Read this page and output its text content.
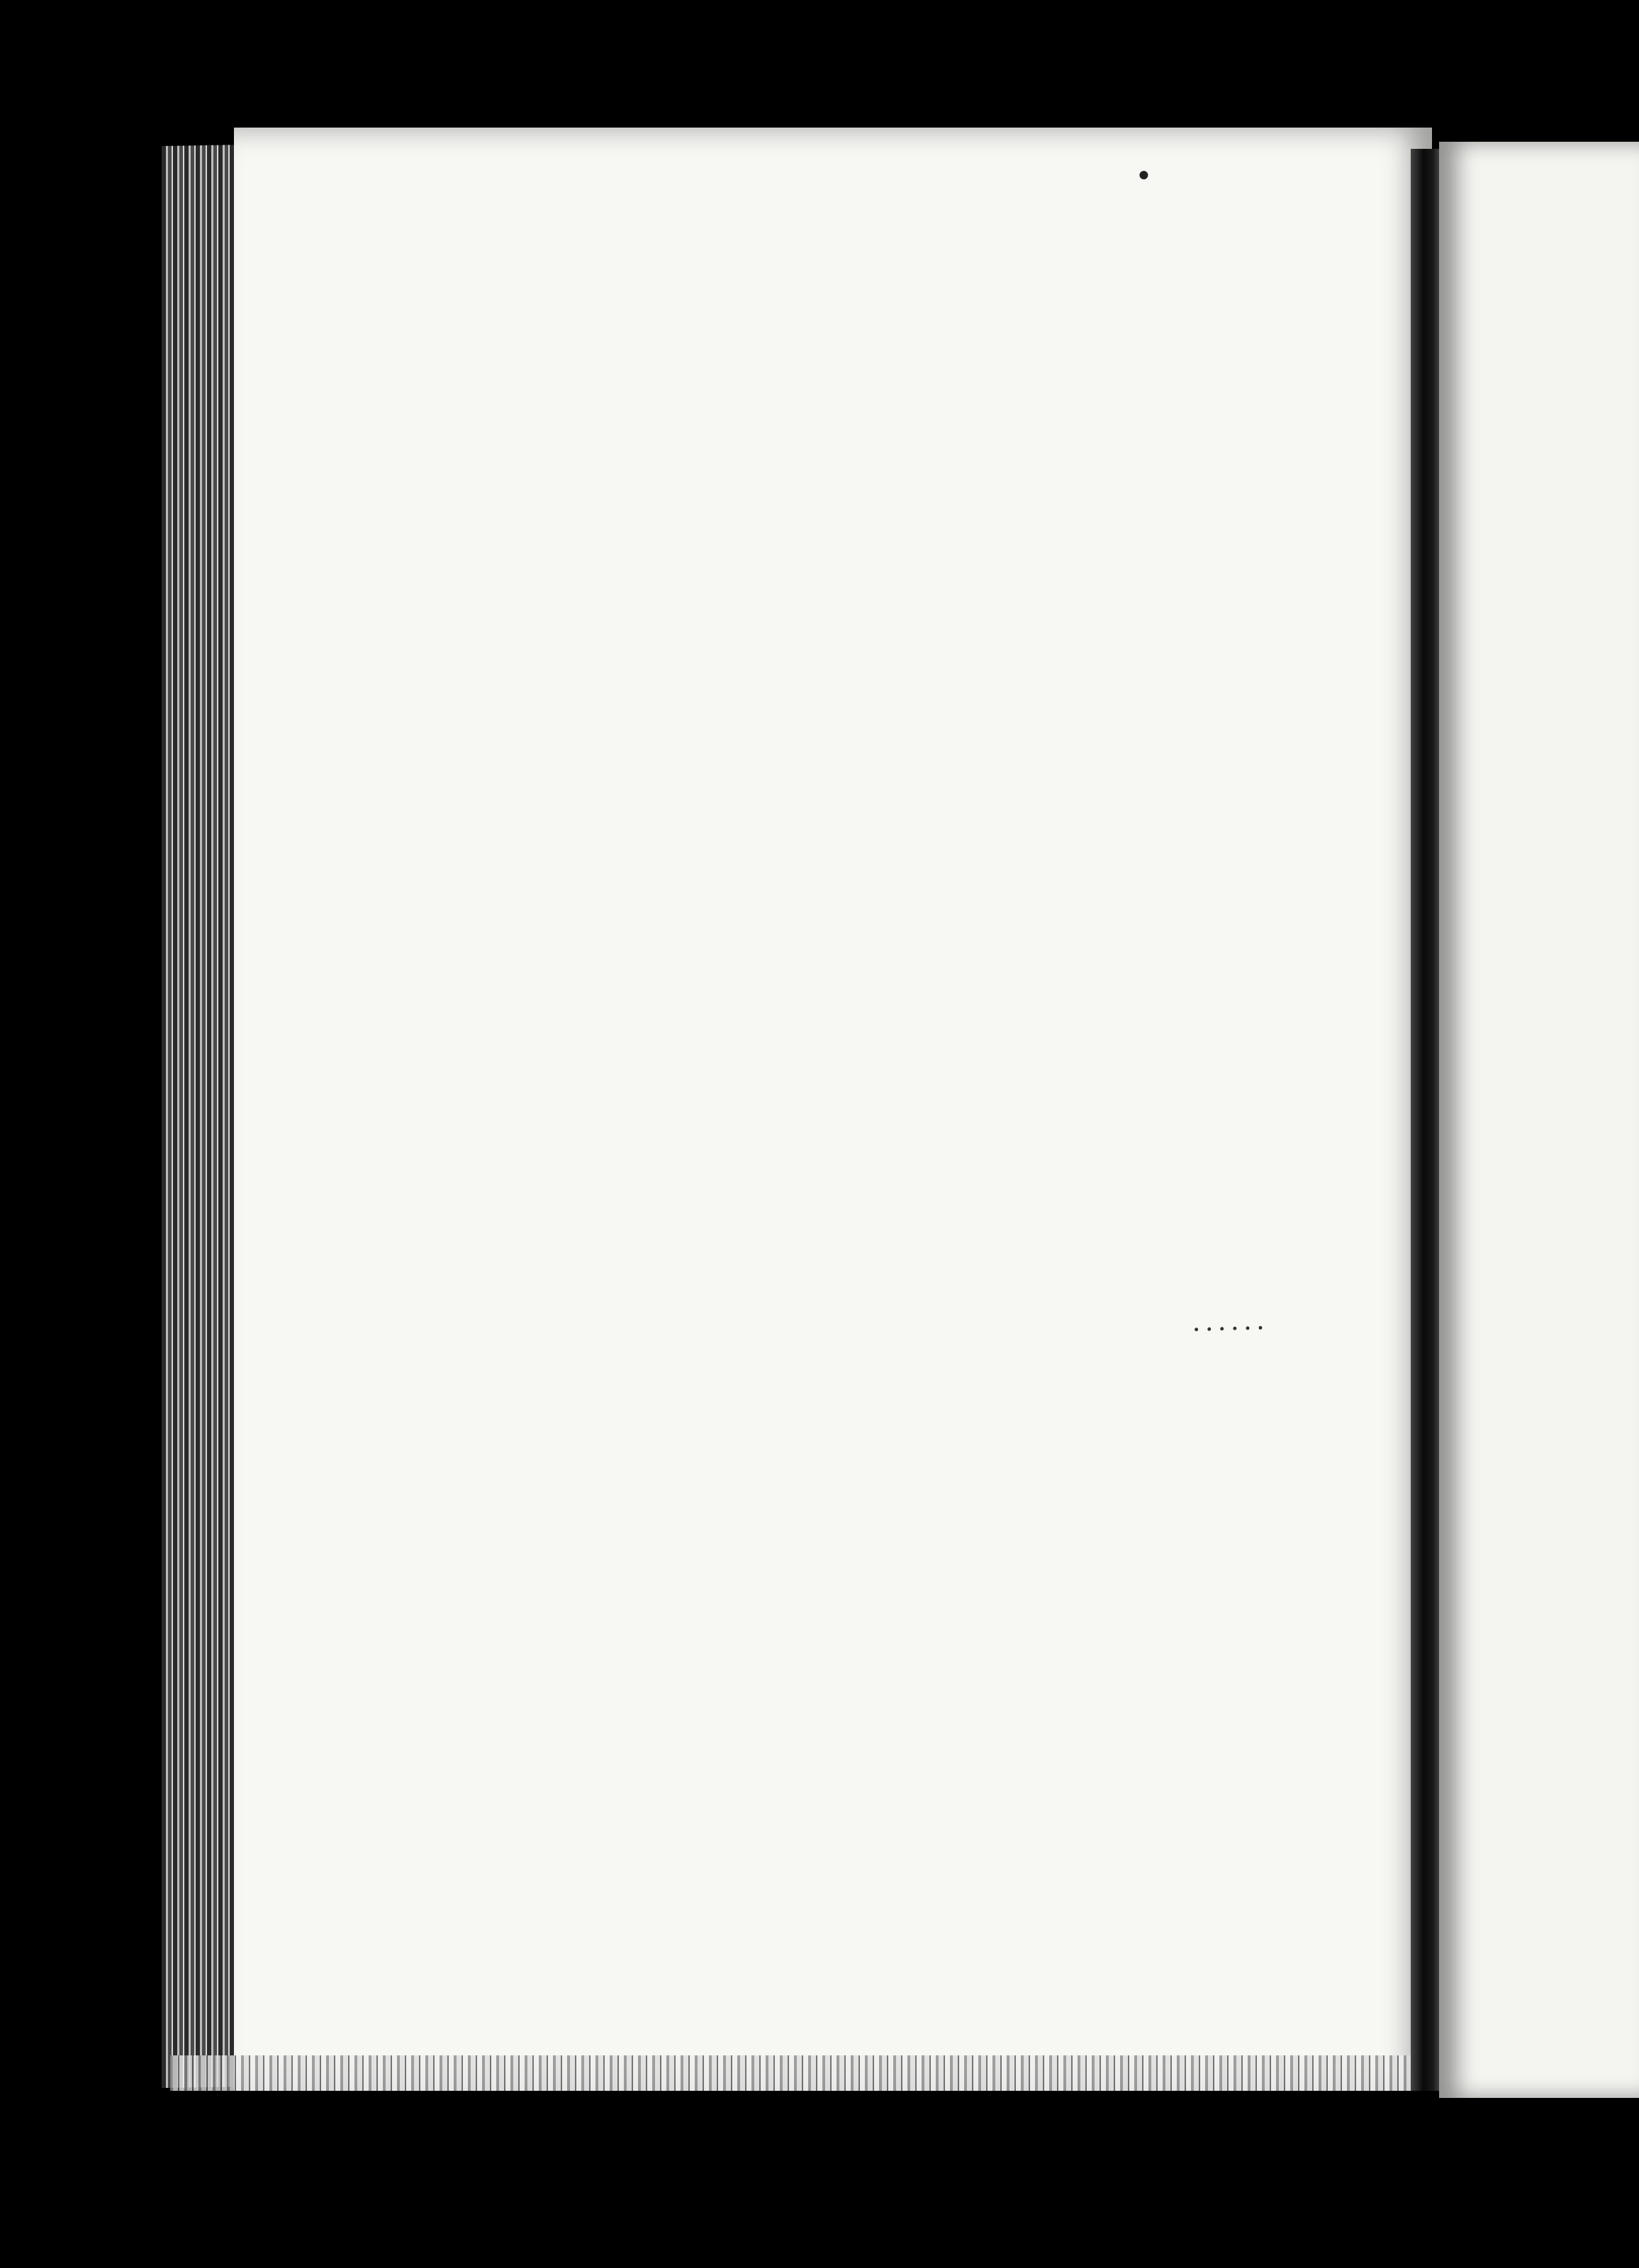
......
